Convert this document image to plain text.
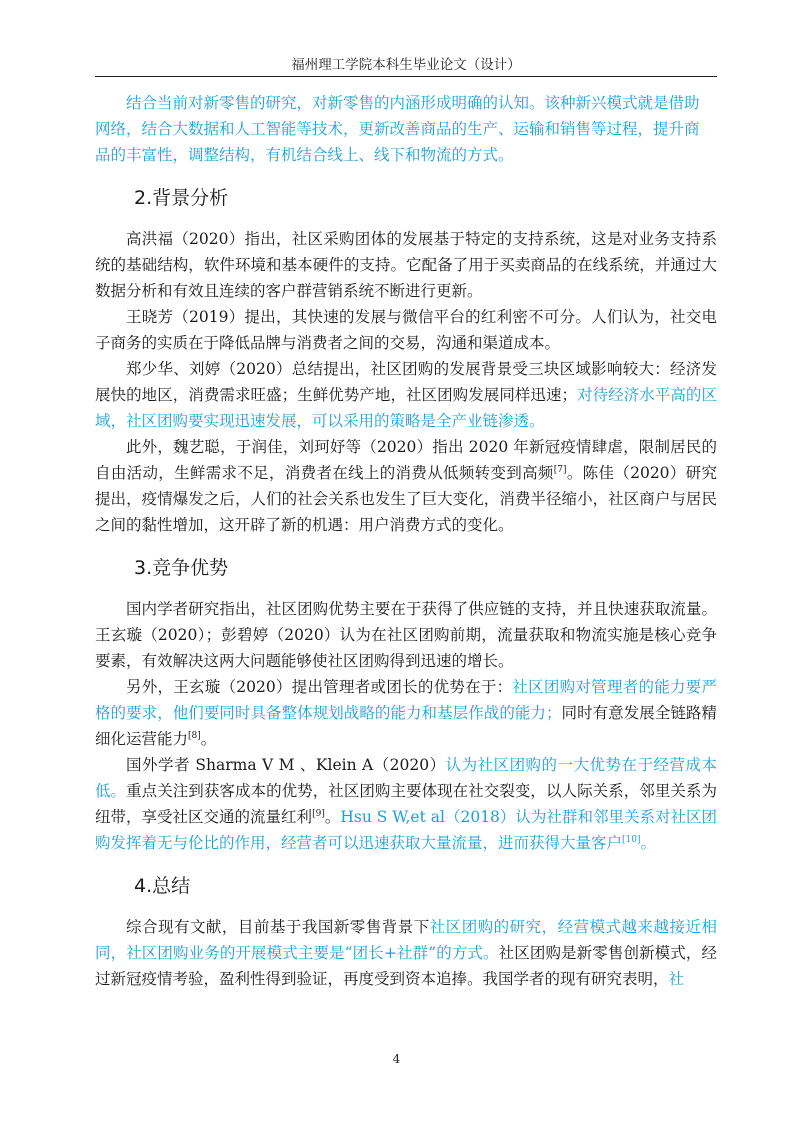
福州理工学院本科生毕业论文（设计）

结合当前对新零售的研究，对新零售的内涵形成明确的认知。该种新兴模式就是借助

网络，结合大数据和人工智能等技术，更新改善商品的生产、运输和销售等过程，提升商

品的丰富性，调整结构，有机结合线上、线下和物流的方式。

2.背景分析

高洪福（2020）指出，社区采购团体的发展基于特定的支持系统，这是对业务支持系统的基础结构，软件环境和基本硬件的支持。它配备了用于买卖商品的在线系统，并通过大数据分析和有效且连续的客户群营销系统不断进行更新。

王晓芳（2019）提出，其快速的发展与微信平台的红利密不可分。人们认为，社交电子商务的实质在于降低品牌与消费者之间的交易，沟通和渠道成本。

郑少华、刘婷（2020）总结提出，社区团购的发展背景受三块区域影响较大：经济发展快的地区，消费需求旺盛；生鲜优势产地，社区团购发展同样迅速；对待经济水平高的区域，社区团购要实现迅速发展，可以采用的策略是全产业链渗透。

此外，魏艺聪，于润佳，刘珂妤等（2020）指出 2020 年新冠疫情肆虐，限制居民的自由活动，生鲜需求不足，消费者在线上的消费从低频转变到高频[7]。陈佳（2020）研究提出，疫情爆发之后，人们的社会关系也发生了巨大变化，消费半径缩小，社区商户与居民之间的黏性增加，这开辟了新的机遇：用户消费方式的变化。

3.竞争优势

国内学者研究指出，社区团购优势主要在于获得了供应链的支持，并且快速获取流量。王玄璇（2020）；彭碧婷（2020）认为在社区团购前期，流量获取和物流实施是核心竞争要素，有效解决这两大问题能够使社区团购得到迅速的增长。

另外，王玄璇（2020）提出管理者或团长的优势在于：社区团购对管理者的能力要严格的要求，他们要同时具备整体规划战略的能力和基层作战的能力；同时有意发展全链路精细化运营能力[8]。

国外学者 Sharma V M 、Klein A（2020）认为社区团购的一大优势在于经营成本低。重点关注到获客成本的优势，社区团购主要体现在社交裂变，以人际关系，邻里关系为纽带，享受社区交通的流量红利[9]。Hsu S W,et al（2018）认为社群和邻里关系对社区团购发挥着无与伦比的作用，经营者可以迅速获取大量流量，进而获得大量客户[10]。

4.总结

综合现有文献，目前基于我国新零售背景下社区团购的研究，经营模式越来越接近相同，社区团购业务的开展模式主要是“团长+社群”的方式。社区团购是新零售创新模式，经过新冠疫情考验，盈利性得到验证，再度受到资本追捧。我国学者的现有研究表明，社

4
